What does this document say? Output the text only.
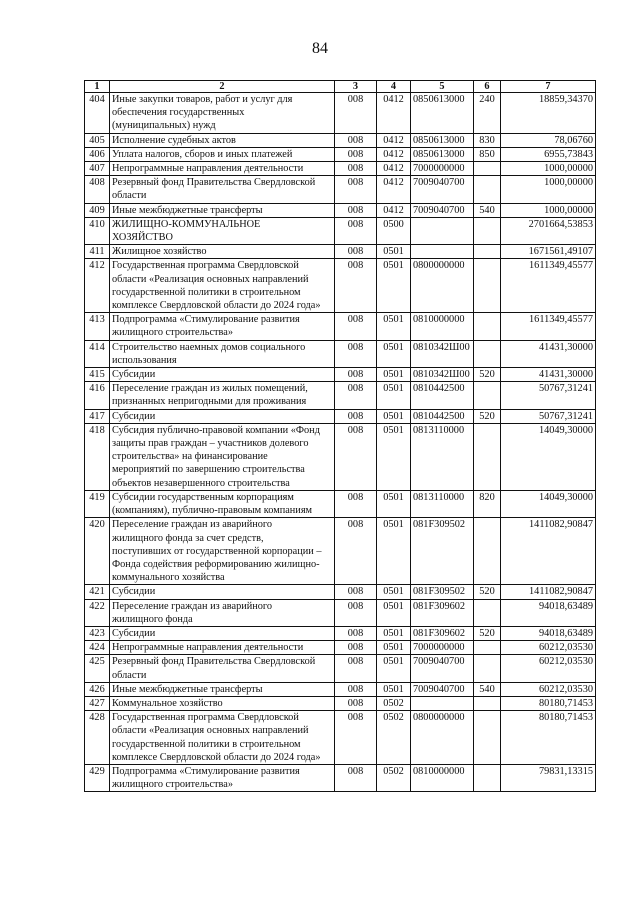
84
1	2	3	4	5	6	7
404	Иные закупки товаров, работ и услуг для
обеспечения государственных
(муниципальных) нужд	008	0412	0850613000	240	18859,34370
405	Исполнение судебных актов	008	0412	0850613000	830	78,06760
406	Уплата налогов, сборов и иных платежей	008	0412	0850613000	850	6955,73843
407	Непрограммные направления деятельности	008	0412	7000000000		1000,00000
408	Резервный фонд Правительства Свердловской
области	008	0412	7009040700		1000,00000
409	Иные межбюджетные трансферты	008	0412	7009040700	540	1000,00000
410	ЖИЛИЩНО-КОММУНАЛЬНОЕ
ХОЗЯЙСТВО	008	0500			2701664,53853
411	Жилищное хозяйство	008	0501			1671561,49107
412	Государственная программа Свердловской
области «Реализация основных направлений
государственной политики в строительном
комплексе Свердловской области до 2024 года»	008	0501	0800000000		1611349,45577
413	Подпрограмма «Стимулирование развития
жилищного строительства»	008	0501	0810000000		1611349,45577
414	Строительство наемных домов социального
использования	008	0501	0810342Ш00		41431,30000
415	Субсидии	008	0501	0810342Ш00	520	41431,30000
416	Переселение граждан из жилых помещений,
признанных непригодными для проживания	008	0501	0810442500		50767,31241
417	Субсидии	008	0501	0810442500	520	50767,31241
418	Субсидия публично-правовой компании «Фонд
защиты прав граждан – участников долевого
строительства» на финансирование
мероприятий по завершению строительства
объектов незавершенного строительства	008	0501	0813110000		14049,30000
419	Субсидии государственным корпорациям
(компаниям), публично-правовым компаниям	008	0501	0813110000	820	14049,30000
420	Переселение граждан из аварийного
жилищного фонда за счет средств,
поступивших от государственной корпорации –
Фонда содействия реформированию жилищно-
коммунального хозяйства	008	0501	081F309502		1411082,90847
421	Субсидии	008	0501	081F309502	520	1411082,90847
422	Переселение граждан из аварийного
жилищного фонда	008	0501	081F309602		94018,63489
423	Субсидии	008	0501	081F309602	520	94018,63489
424	Непрограммные направления деятельности	008	0501	7000000000		60212,03530
425	Резервный фонд Правительства Свердловской
области	008	0501	7009040700		60212,03530
426	Иные межбюджетные трансферты	008	0501	7009040700	540	60212,03530
427	Коммунальное хозяйство	008	0502			80180,71453
428	Государственная программа Свердловской
области «Реализация основных направлений
государственной политики в строительном
комплексе Свердловской области до 2024 года»	008	0502	0800000000		80180,71453
429	Подпрограмма «Стимулирование развития
жилищного строительства»	008	0502	0810000000		79831,13315
